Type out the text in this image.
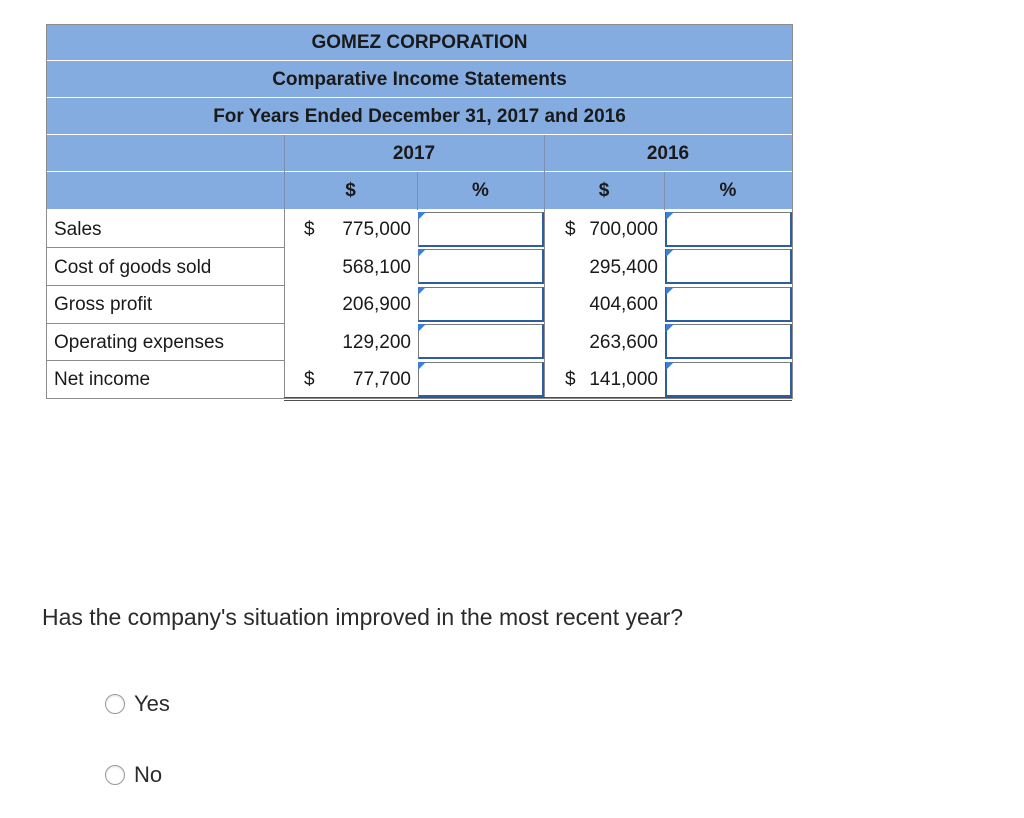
GOMEZ CORPORATION
Comparative Income Statements
For Years Ended December 31, 2017 and 2016
2017	2016
$	%	$	%
Sales	$	775,000	$ 700,000
Cost of goods sold	568,100	295,400
Gross profit	206,900	404,600
Operating expenses	129,200	263,600
Net income	$	77,700	$ 141,000
Has the company's situation improved in the most recent year?
Yes
No
